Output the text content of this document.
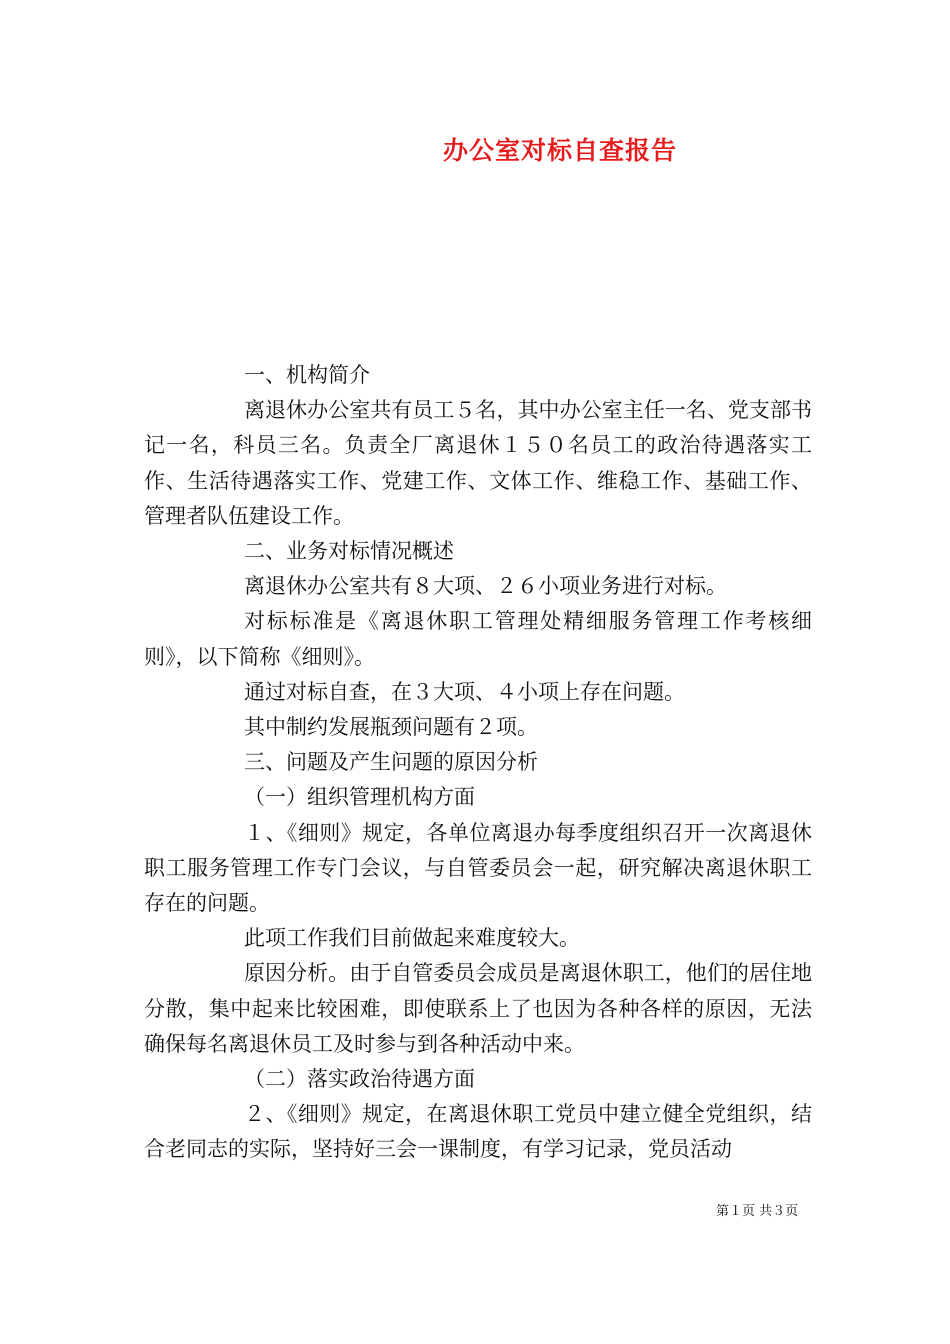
办公室对标自查报告

一、机构简介

离退休办公室共有员工５名，其中办公室主任一名、党支部书记一名，科员三名。负责全厂离退休１５０名员工的政治待遇落实工作、生活待遇落实工作、党建工作、文体工作、维稳工作、基础工作、管理者队伍建设工作。

二、业务对标情况概述

离退休办公室共有８大项、２６小项业务进行对标。

对标标准是《离退休职工管理处精细服务管理工作考核细则》，以下简称《细则》。

通过对标自查，在３大项、４小项上存在问题。

其中制约发展瓶颈问题有２项。

三、问题及产生问题的原因分析

（一）组织管理机构方面

１、《细则》规定，各单位离退办每季度组织召开一次离退休职工服务管理工作专门会议，与自管委员会一起，研究解决离退休职工存在的问题。

此项工作我们目前做起来难度较大。

原因分析。由于自管委员会成员是离退休职工，他们的居住地分散，集中起来比较困难，即使联系上了也因为各种各样的原因，无法确保每名离退休员工及时参与到各种活动中来。

（二）落实政治待遇方面

２、《细则》规定，在离退休职工党员中建立健全党组织，结合老同志的实际，坚持好三会一课制度，有学习记录，党员活动

第１页 共３页
